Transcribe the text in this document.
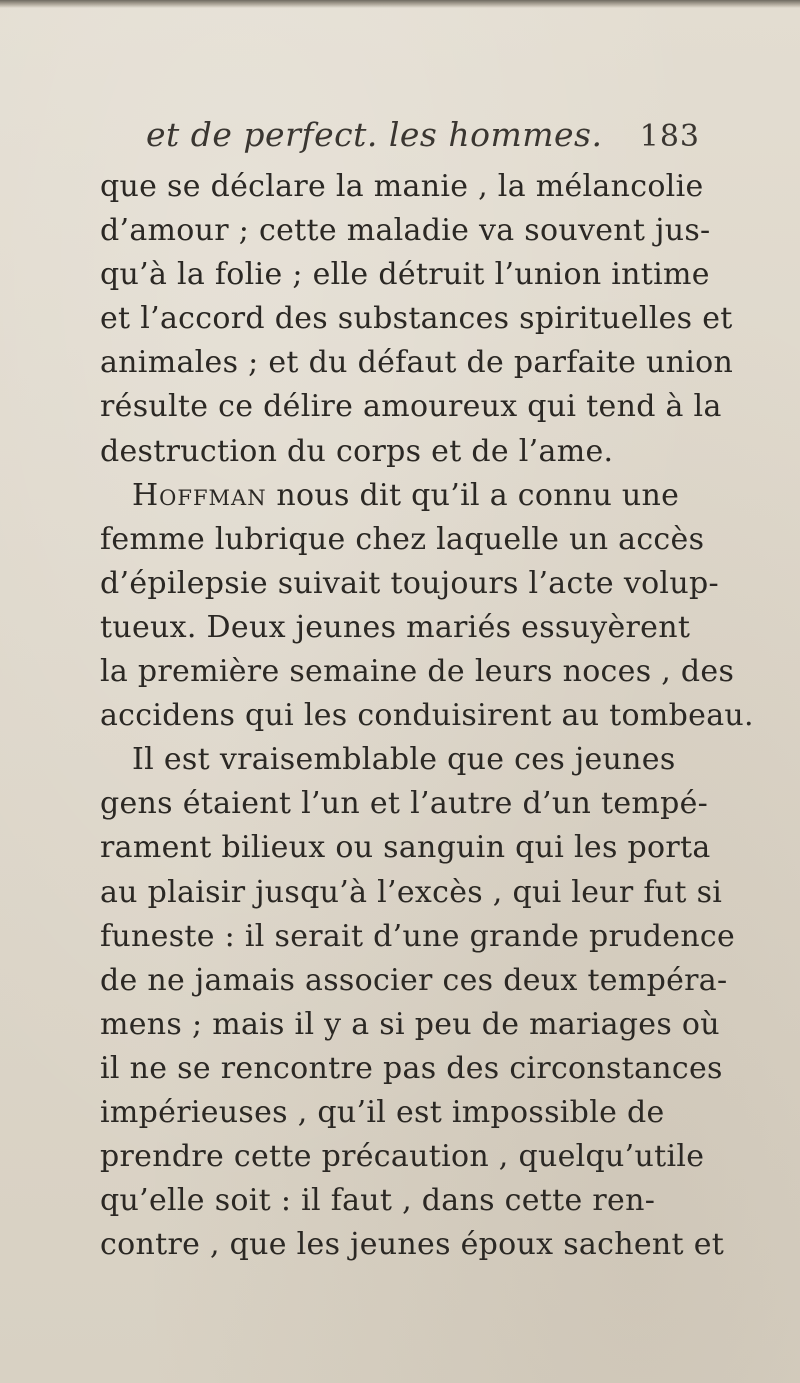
et de perfect. les hommes. 183
que se déclare la manie , la mélancolie
d’amour ; cette maladie va souvent jus-
qu’à la folie ; elle détruit l’union intime
et l’accord des substances spirituelles et
animales ; et du défaut de parfaite union
résulte ce délire amoureux qui tend à la
destruction du corps et de l’ame.
Hoffman nous dit qu’il a connu une
femme lubrique chez laquelle un accès
d’épilepsie suivait toujours l’acte volup-
tueux. Deux jeunes mariés essuyèrent
la première semaine de leurs noces , des
accidens qui les conduisirent au tombeau.
Il est vraisemblable que ces jeunes
gens étaient l’un et l’autre d’un tempé-
rament bilieux ou sanguin qui les porta
au plaisir jusqu’à l’excès , qui leur fut si
funeste : il serait d’une grande prudence
de ne jamais associer ces deux tempéra-
mens ; mais il y a si peu de mariages où
il ne se rencontre pas des circonstances
impérieuses , qu’il est impossible de
prendre cette précaution , quelqu’utile
qu’elle soit : il faut , dans cette ren-
contre , que les jeunes époux sachent et
